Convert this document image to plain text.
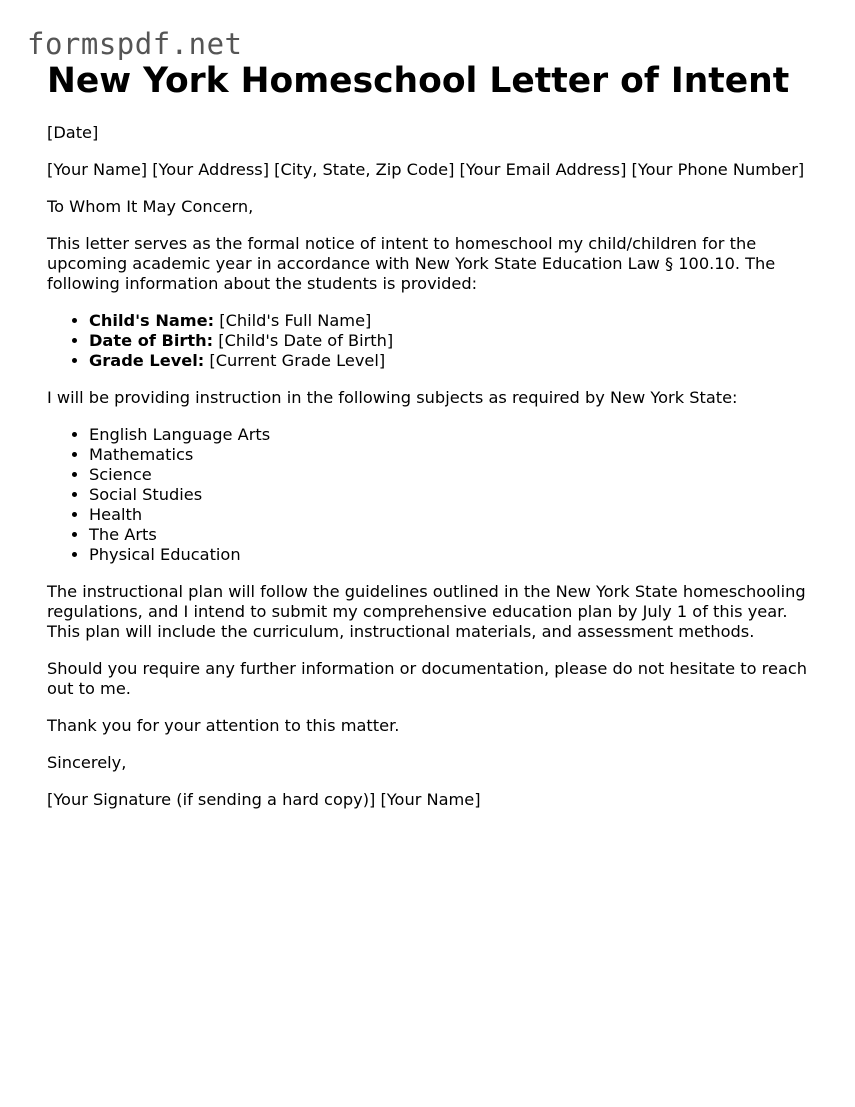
formspdf.net
New York Homeschool Letter of Intent

[Date]

[Your Name] [Your Address] [City, State, Zip Code] [Your Email Address] [Your Phone Number]

To Whom It May Concern,

This letter serves as the formal notice of intent to homeschool my child/children for the upcoming academic year in accordance with New York State Education Law § 100.10. The following information about the students is provided:

• Child's Name: [Child's Full Name]
• Date of Birth: [Child's Date of Birth]
• Grade Level: [Current Grade Level]

I will be providing instruction in the following subjects as required by New York State:

• English Language Arts
• Mathematics
• Science
• Social Studies
• Health
• The Arts
• Physical Education

The instructional plan will follow the guidelines outlined in the New York State homeschooling regulations, and I intend to submit my comprehensive education plan by July 1 of this year. This plan will include the curriculum, instructional materials, and assessment methods.

Should you require any further information or documentation, please do not hesitate to reach out to me.

Thank you for your attention to this matter.

Sincerely,

[Your Signature (if sending a hard copy)] [Your Name]
